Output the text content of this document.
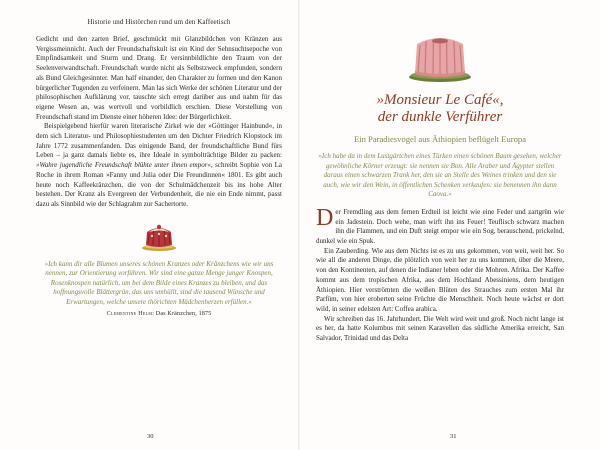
Historie und Histörchen rund um den Kaffeetisch

Gedicht und den zarten Brief, geschmückt mit Glanzbildchen von Kränzen aus Vergissmeinnicht. Auch der Freundschaftskult ist ein Kind der Sehnsuchtsepoche von Empfindsamkeit und Sturm und Drang. Er versinnbildlichte den Traum von der Seelenverwandtschaft. Freundschaft wurde nicht als Selbstzweck empfunden, sondern als Bund Gleichgesinnter. Man half einander, den Charakter zu formen und den Kanon bürgerlicher Tugenden zu verfeinern. Man las sich Werke der schönen Literatur und der philosophischen Aufklärung vor, tauschte sich erregt darüber aus und nahm für das eigene Wesen an, was wertvoll und vorbildlich erschien. Diese Vorstellung von Freundschaft stand im Dienste einer höheren Idee: der Bürgerlichkeit.

Beispielgebend hierfür waren literarische Zirkel wie der »Göttinger Hainbund«, in dem sich Literatur- und Philosophiestudenten um den Dichter Friedrich Klopstock im Jahre 1772 zusammenfanden. Das einigende Band, der freundschaftliche Bund fürs Leben – ja ganz damals liebte es, ihre Ideale in symbolträchtige Bilder zu packen: »Wahre jugendliche Freundschaft blühte unter ihnen empor«, schreibt Sophie von La Roche in ihrem Roman »Fanny und Julia oder Die Freundinnen« 1801. Es gibt auch heute noch Kaffeekränzchen, die von der Schulmädchenzeit bis ins hohe Alter bestehen. Der Kranz als Evergreen der Verbundenheit, die nie ein Ende nimmt, passt dazu als Sinnbild wie der Schlagrahm zur Sachertorte.

»Ich kann dir alle Blumen unseres schönen Kranzes oder Kränzchens wie wir uns nennen, zur Orientierung vorführen. Wir sind eine ganze Menge junger Knospen, Rosenknospen natürlich, um bei dem Bilde eines Kranzes zu bleiben, und das hoffnungsvolle Blättergrün, das uns umhüllt, sind die tausend Wünsche und Erwartungen, welche unsere thörichten Mädchenherzen erfüllen.«
Clementine Helm: Das Kränzchen, 1875
30
»Monsieur Le Café«,
der dunkle Verführer
Ein Paradiesvogel aus Äthiopien beflügelt Europa
»Ich habe da in dem Lustgärtchen eines Türken einen schönen Baum gesehen, welcher gewöhnliche Körner erzeugt: sie nennen sie Bon. Alle Araber und Ägypter stellen daraus einen schwarzen Trank her, den sie an Stelle des Weines trinken und den sie auch, wie wir den Wein, in öffentlichen Schenken verkaufen: sie benennen ihn dann Caova.«

Der Fremdling aus dem fernen Erdteil ist leicht wie eine Feder und zartgrün wie ein Jadestein. Doch wehe, man wirft ihn ins Feuer! Teuflisch schwarz machen ihn die Flammen, und ein Duft steigt empor wie ein Sog, berauschend, prickelnd, dunkel wie ein Spuk.

Ein Zauberding. Wie aus dem Nichts ist es zu uns gekommen, von weit, weit her. So wie all die anderen Dinge, die plötzlich von weit her zu uns kommen, über die Meere, von den Kontinenten, auf denen die Indianer leben oder die Mohren. Afrika. Der Kaffee kommt aus dem tropischen Afrika, aus dem Hochland Abessiniens, dem heutigen Äthiopien. Hier verströmten die weißen Blüten des Strauches zum ersten Mal ihr Parfüm, von hier eroberten seine Früchte die Menschheit. Noch heute wächst er dort wild, in seiner edelsten Art: Coffea arabica.

Wir schreiben das 16. Jahrhundert. Die Welt wird weit und groß. Noch nicht lange ist es her, da hatte Kolumbus mit seinen Karavellen das südliche Amerika erreicht, San Salvador, Trinidad und das Delta

31
